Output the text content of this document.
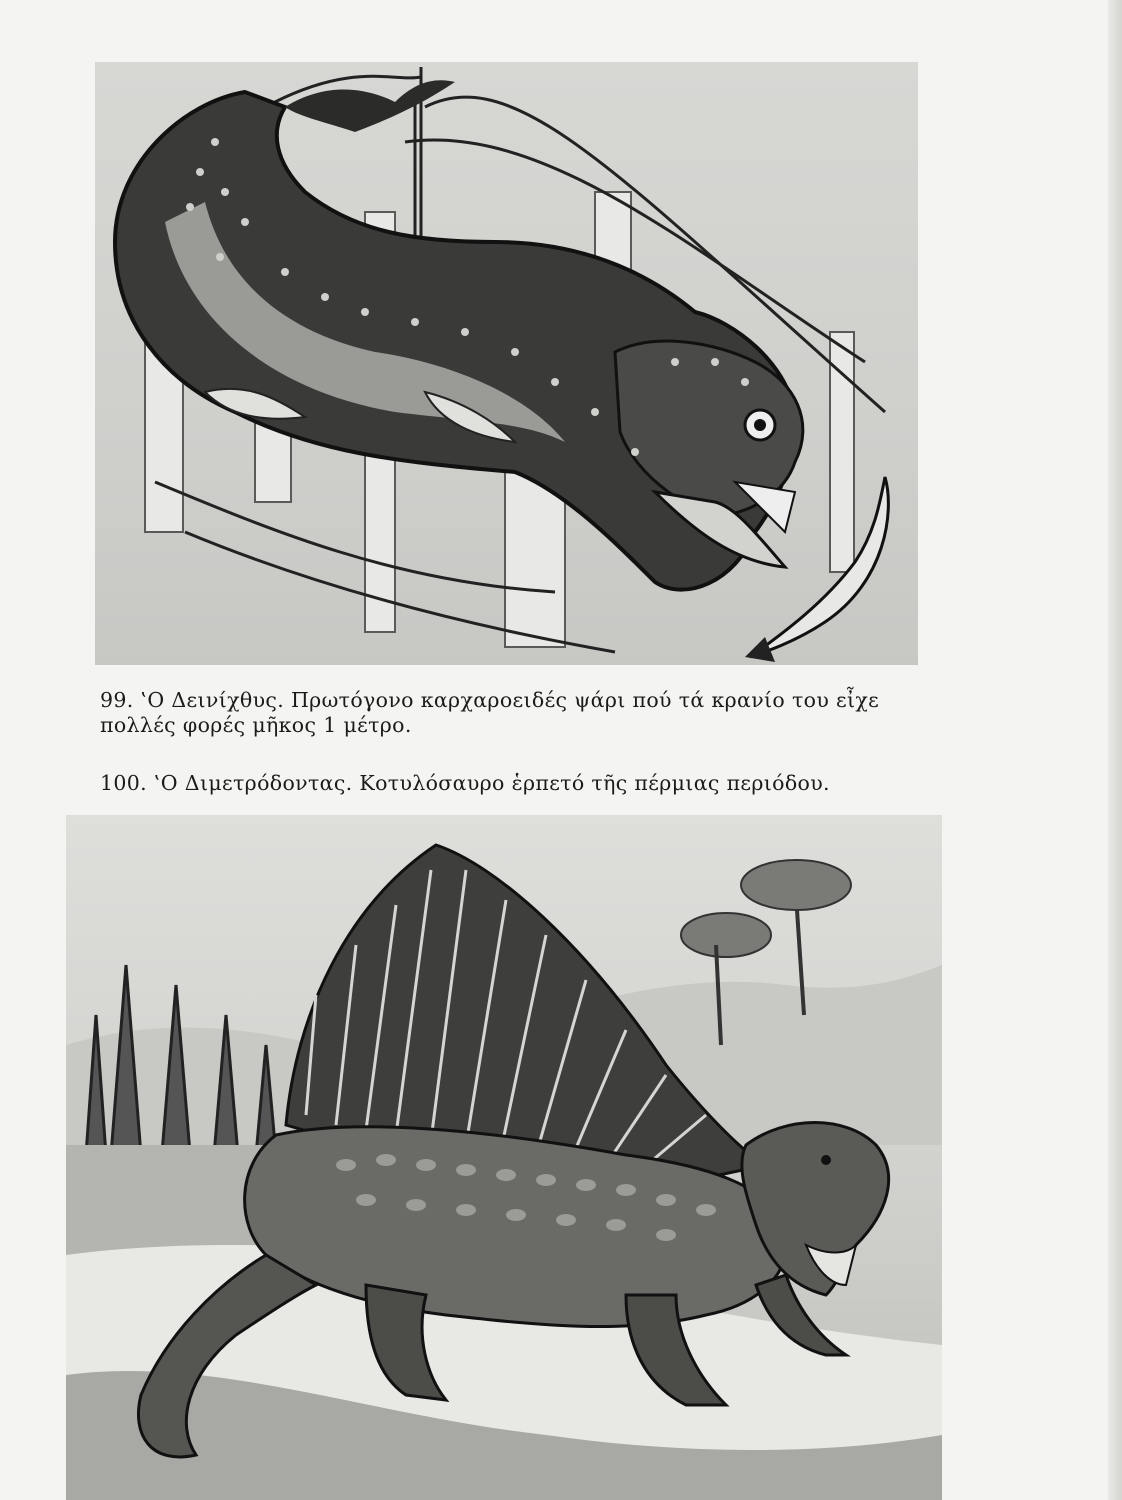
99. ‛Ο Δεινίχθυς. Πρωτόγονο καρχαροειδές ψάρι πού τά κρανίο του εἶχε

πολλές φορές μῆκος 1 μέτρο.

100. ‛Ο Διμετρόδοντας. Κοτυλόσαυρο ἑρπετό τῆς πέρμιας περιόδου.
